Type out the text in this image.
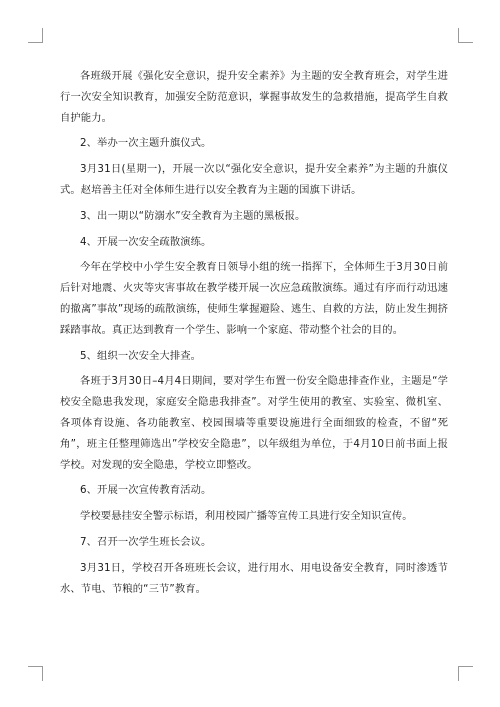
各班级开展《强化安全意识，提升安全素养》为主题的安全教育班会，对学生进行一次安全知识教育，加强安全防范意识，掌握事故发生的急救措施，提高学生自救自护能力。

2、举办一次主题升旗仪式。

3月31日(星期一)，开展一次以“强化安全意识，提升安全素养”为主题的升旗仪式。赵培善主任对全体师生进行以安全教育为主题的国旗下讲话。

3、出一期以“防溺水”安全教育为主题的黑板报。

4、开展一次安全疏散演练。

今年在学校中小学生安全教育日领导小组的统一指挥下，全体师生于3月30日前后针对地震、火灾等灾害事故在教学楼开展一次应急疏散演练。通过有序而行动迅速的撤离”事故”现场的疏散演练，使师生掌握避险、逃生、自救的方法，防止发生拥挤踩踏事故。真正达到教育一个学生、影响一个家庭、带动整个社会的目的。

5、组织一次安全大排查。

各班于3月30日–4月4日期间，要对学生布置一份安全隐患排查作业，主题是“学校安全隐患我发现，家庭安全隐患我排查”。对学生使用的教室、实验室、微机室、各项体育设施、各功能教室、校园围墙等重要设施进行全面细致的检查，不留“死角”，班主任整理筛选出”学校安全隐患”，以年级组为单位，于4月10日前书面上报学校。对发现的安全隐患，学校立即整改。

6、开展一次宣传教育活动。

学校要悬挂安全警示标语，利用校园广播等宣传工具进行安全知识宣传。

7、召开一次学生班长会议。

3月31日，学校召开各班班长会议，进行用水、用电设备安全教育，同时渗透节水、节电、节粮的“三节”教育。
